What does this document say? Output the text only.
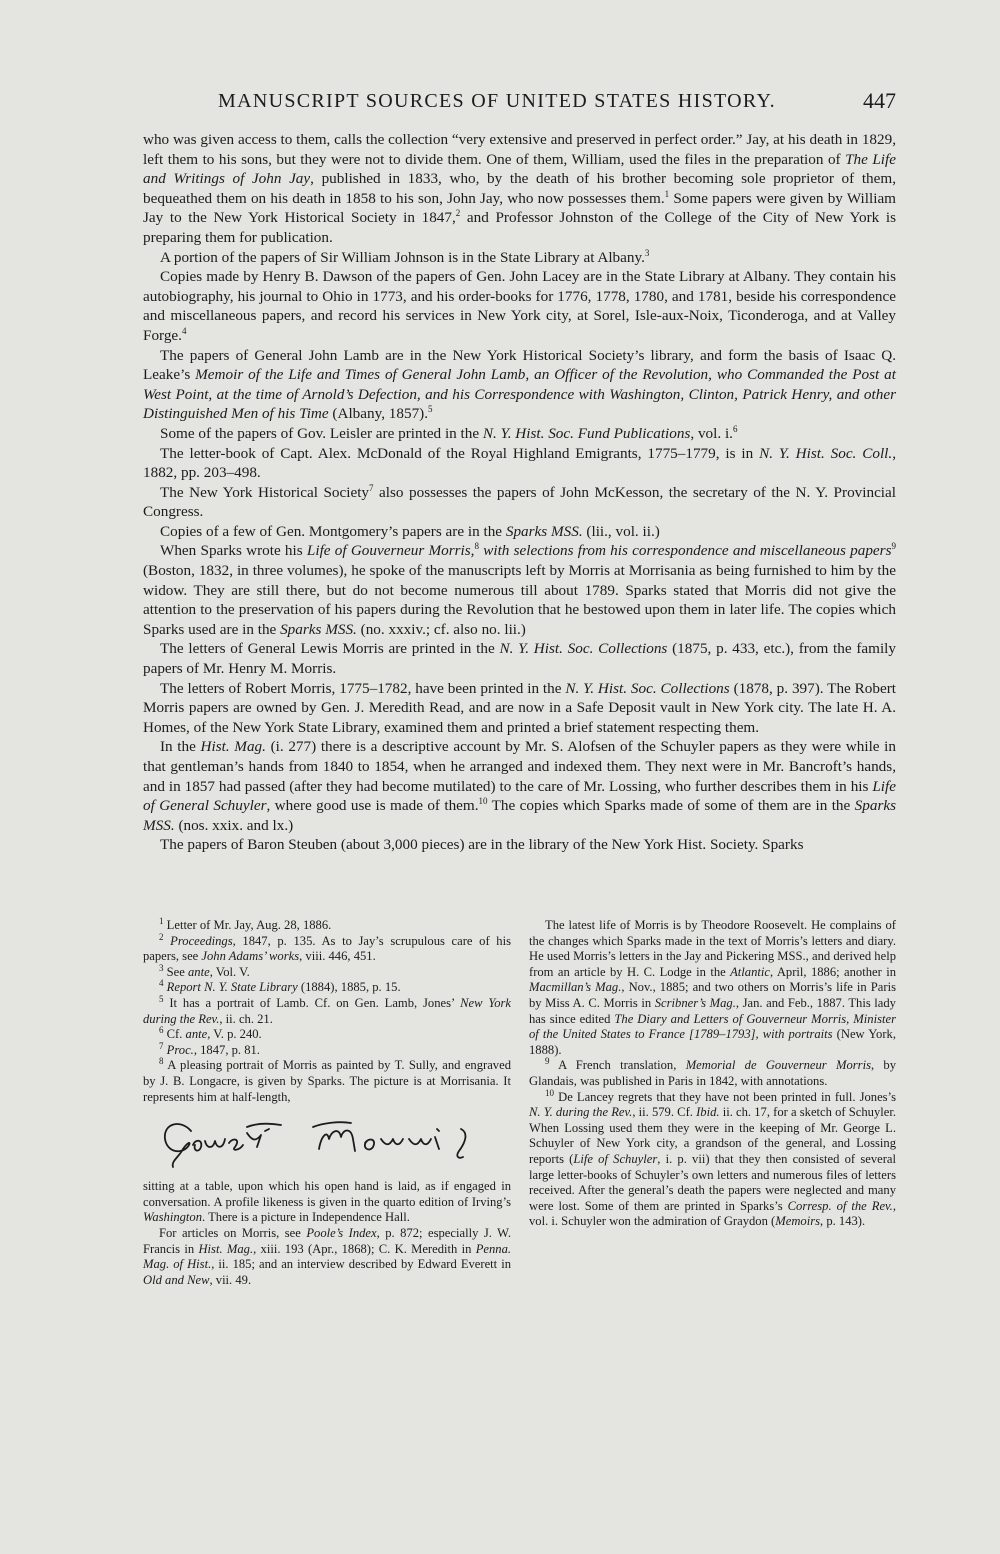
MANUSCRIPT SOURCES OF UNITED STATES HISTORY.	447

who was given access to them, calls the collection “very extensive and preserved in perfect order.” Jay, at his death in 1829, left them to his sons, but they were not to divide them. One of them, William, used the files in the preparation of The Life and Writings of John Jay, published in 1833, who, by the death of his brother becoming sole proprietor of them, bequeathed them on his death in 1858 to his son, John Jay, who now possesses them.$^1$ Some papers were given by William Jay to the New York Historical Society in 1847,$^2$ and Professor Johnston of the College of the City of New York is preparing them for publication.

A portion of the papers of Sir William Johnson is in the State Library at Albany.$^3$

Copies made by Henry B. Dawson of the papers of Gen. John Lacey are in the State Library at Albany. They contain his autobiography, his journal to Ohio in 1773, and his order-books for 1776, 1778, 1780, and 1781, beside his correspondence and miscellaneous papers, and record his services in New York city, at Sorel, Isle-aux-Noix, Ticonderoga, and at Valley Forge.$^4$

The papers of General John Lamb are in the New York Historical Society’s library, and form the basis of Isaac Q. Leake’s Memoir of the Life and Times of General John Lamb, an Officer of the Revolution, who Commanded the Post at West Point, at the time of Arnold’s Defection, and his Correspondence with Washington, Clinton, Patrick Henry, and other Distinguished Men of his Time (Albany, 1857).$^5$

Some of the papers of Gov. Leisler are printed in the N. Y. Hist. Soc. Fund Publications, vol. i.$^6$

The letter-book of Capt. Alex. McDonald of the Royal Highland Emigrants, 1775–1779, is in N. Y. Hist. Soc. Coll., 1882, pp. 203–498.

The New York Historical Society$^7$ also possesses the papers of John McKesson, the secretary of the N. Y. Provincial Congress.

Copies of a few of Gen. Montgomery’s papers are in the Sparks MSS. (lii., vol. ii.)

When Sparks wrote his Life of Gouverneur Morris,$^8$ with selections from his correspondence and miscellaneous papers$^9$ (Boston, 1832, in three volumes), he spoke of the manuscripts left by Morris at Morrisania as being furnished to him by the widow. They are still there, but do not become numerous till about 1789. Sparks stated that Morris did not give the attention to the preservation of his papers during the Revolution that he bestowed upon them in later life. The copies which Sparks used are in the Sparks MSS. (no. xxxiv.; cf. also no. lii.)

The letters of General Lewis Morris are printed in the N. Y. Hist. Soc. Collections (1875, p. 433, etc.), from the family papers of Mr. Henry M. Morris.

The letters of Robert Morris, 1775–1782, have been printed in the N. Y. Hist. Soc. Collections (1878, p. 397). The Robert Morris papers are owned by Gen. J. Meredith Read, and are now in a Safe Deposit vault in New York city. The late H. A. Homes, of the New York State Library, examined them and printed a brief statement respecting them.

In the Hist. Mag. (i. 277) there is a descriptive account by Mr. S. Alofsen of the Schuyler papers as they were while in that gentleman’s hands from 1840 to 1854, when he arranged and indexed them. They next were in Mr. Bancroft’s hands, and in 1857 had passed (after they had become mutilated) to the care of Mr. Lossing, who further describes them in his Life of General Schuyler, where good use is made of them.$^{10}$ The copies which Sparks made of some of them are in the Sparks MSS. (nos. xxix. and lx.)

The papers of Baron Steuben (about 3,000 pieces) are in the library of the New York Hist. Society. Sparks

$^1$ Letter of Mr. Jay, Aug. 28, 1886.

$^2$ Proceedings, 1847, p. 135. As to Jay’s scrupulous care of his papers, see John Adams’ works, viii. 446, 451.

$^3$ See ante, Vol. V.

$^4$ Report N. Y. State Library (1884), 1885, p. 15.

$^5$ It has a portrait of Lamb. Cf. on Gen. Lamb, Jones’ New York during the Rev., ii. ch. 21.

$^6$ Cf. ante, V. p. 240.

$^7$ Proc., 1847, p. 81.

$^8$ A pleasing portrait of Morris as painted by T. Sully, and engraved by J. B. Longacre, is given by Sparks. The picture is at Morrisania. It represents him at half-length,

sitting at a table, upon which his open hand is laid, as if engaged in conversation. A profile likeness is given in the quarto edition of Irving’s Washington. There is a picture in Independence Hall.

For articles on Morris, see Poole’s Index, p. 872; especially J. W. Francis in Hist. Mag., xiii. 193 (Apr., 1868); C. K. Meredith in Penna. Mag. of Hist., ii. 185; and an interview described by Edward Everett in Old and New, vii. 49.

The latest life of Morris is by Theodore Roosevelt. He complains of the changes which Sparks made in the text of Morris’s letters and diary. He used Morris’s letters in the Jay and Pickering MSS., and derived help from an article by H. C. Lodge in the Atlantic, April, 1886; another in Macmillan’s Mag., Nov., 1885; and two others on Morris’s life in Paris by Miss A. C. Morris in Scribner’s Mag., Jan. and Feb., 1887. This lady has since edited The Diary and Letters of Gouverneur Morris, Minister of the United States to France [1789–1793], with portraits (New York, 1888).

$^9$ A French translation, Memorial de Gouverneur Morris, by Glandais, was published in Paris in 1842, with annotations.

$^{10}$ De Lancey regrets that they have not been printed in full. Jones’s N. Y. during the Rev., ii. 579. Cf. Ibid. ii. ch. 17, for a sketch of Schuyler. When Lossing used them they were in the keeping of Mr. George L. Schuyler of New York city, a grandson of the general, and Lossing reports (Life of Schuyler, i. p. vii) that they then consisted of several large letter-books of Schuyler’s own letters and numerous files of letters received. After the general’s death the papers were neglected and many were lost. Some of them are printed in Sparks’s Corresp. of the Rev., vol. i. Schuyler won the admiration of Graydon (Memoirs, p. 143).
